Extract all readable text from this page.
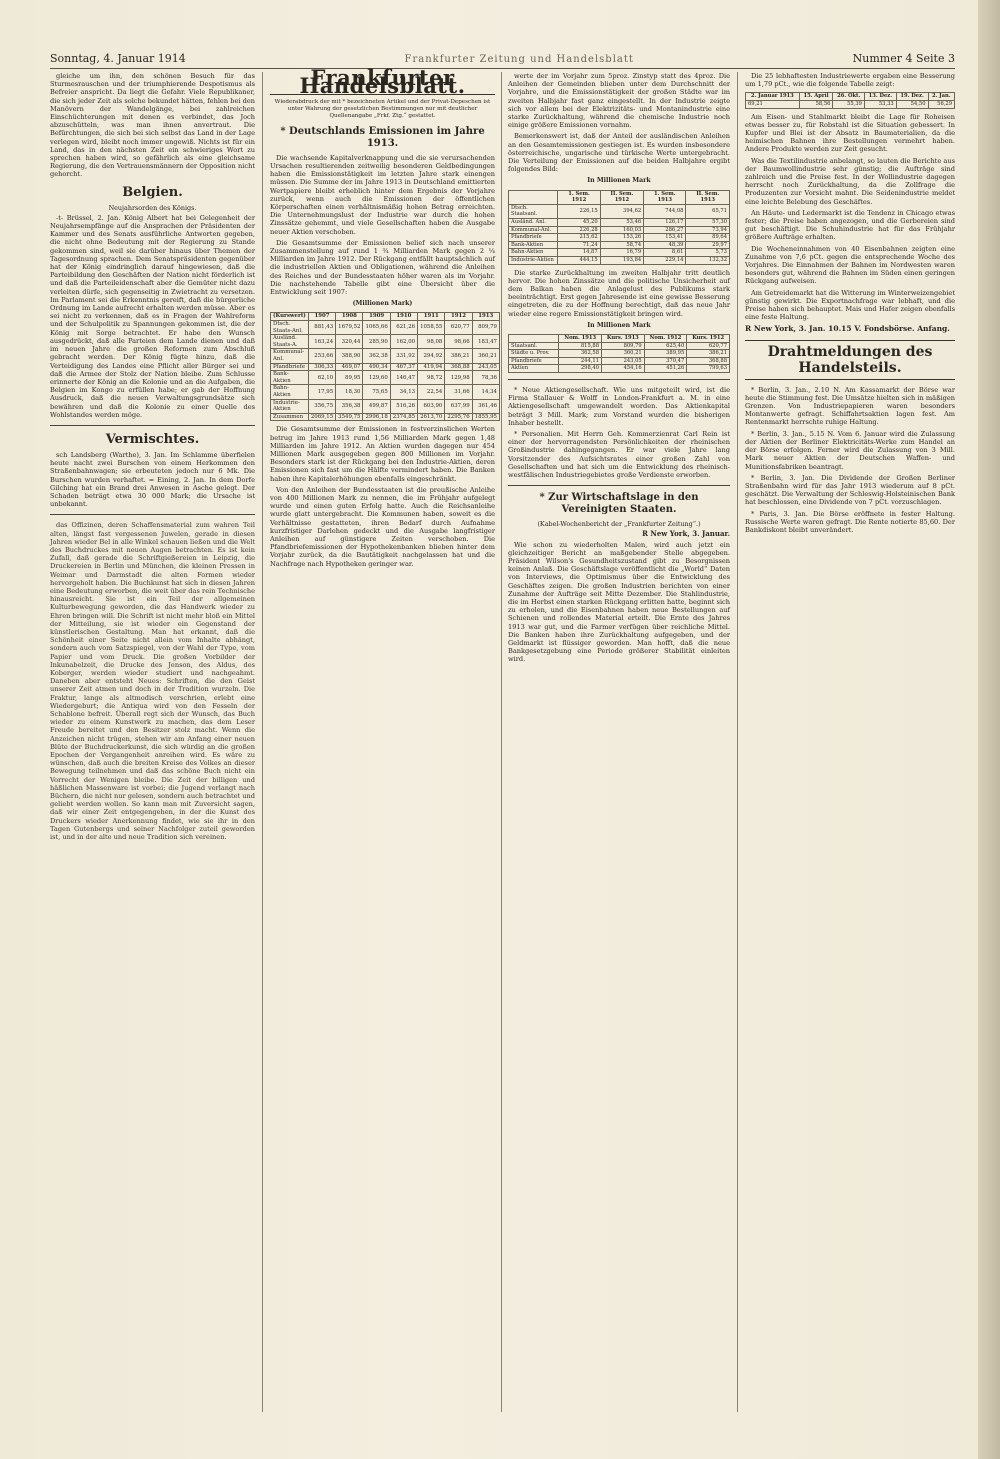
Sonntag, 4. Januar 1914	Frankfurter Zeitung und Handelsblatt	Nummer 4 Seite 3

gleiche um ihn, den schönen Besuch für das Sturmesrauschen und der triumphierende Despotismus als Befreier anspricht. Da liegt die Gefahr. Viele Republikaner, die sich jeder Zeit als solche bekundet hätten, fehlen bei den Manövern der Wandelgänge, bei zahlreichen Einschüchterungen mit denen es verbindet, das Joch abzuschütteln, was man ihnen anvertraut. Die Befürchtungen, die sich bei sich selbst das Land in der Lage verlegen wird, bleibt noch immer ungewiß. Nichts ist für ein Land, das in den nächsten Zeit ein schwieriges Wort zu sprechen haben wird, so gefährlich als eine gleichsame Regierung, die den Vertrauensmännern der Opposition nicht gehorcht.

Belgien.
Neujahrsorden des Königs.

-t- Brüssel, 2. Jan. König Albert hat bei Gelegenheit der Neujahrsempfänge auf die Ansprachen der Präsidenten der Kammer und des Senats ausführliche Antworten gegeben, die nicht ohne Bedeutung mit der Regierung zu Stande gekommen sind, weil sie darüber hinaus über Themen der Tagesordnung sprachen. Dem Senatspräsidenten gegenüber hat der König eindringlich darauf hingewiesen, daß die Parteibildung den Geschäften der Nation nicht förderlich ist und daß die Parteileidenschaft aber die Gemüter nicht dazu verleiten dürfe, sich gegenseitig in Zwietracht zu versetzen. Im Parlament sei die Erkenntnis gereift, daß die bürgerliche Ordnung im Lande aufrecht erhalten werden müsse. Aber es sei nicht zu verkennen, daß es in Fragen der Wahlreform und der Schulpolitik zu Spannungen gekommen ist, die der König mit Sorge betrachtet. Er habe den Wunsch ausgedrückt, daß alle Parteien dem Lande dienen und daß im neuen Jahre die großen Reformen zum Abschluß gebracht werden. Der König fügte hinzu, daß die Verteidigung des Landes eine Pflicht aller Bürger sei und daß die Armee der Stolz der Nation bleibe. Zum Schlusse erinnerte der König an die Kolonie und an die Aufgaben, die Belgien im Kongo zu erfüllen habe; er gab der Hoffnung Ausdruck, daß die neuen Verwaltungsgrundsätze sich bewähren und daß die Kolonie zu einer Quelle des Wohlstandes werden möge.

Vermischtes.

sch Landsberg (Warthe), 3. Jan. Im Schlamme überfielen heute nacht zwei Burschen von einem Herkommen den Straßenbahnwagen; sie erbeuteten jedoch nur 6 Mk. Die Burschen wurden verhaftet. = Eining, 2. Jan. In dem Dorfe Gilching hat ein Brand drei Anwesen in Asche gelegt. Der Schaden beträgt etwa 30 000 Mark; die Ursache ist unbekannt.

das Offizinen, deren Schaffensmaterial zum wahren Teil alten, längst fast vergessenen Juwelen, gerade in diesen Jahren wieder Bel in alle Winkel schauen ließen und die Welt des Buchdruckes mit neuen Augen betrachten. Es ist kein Zufall, daß gerade die Schriftgießereien in Leipzig, die Druckereien in Berlin und München, die kleinen Pressen in Weimar und Darmstadt die alten Formen wieder hervorgeholt haben. Die Buchkunst hat sich in diesen Jahren eine Bedeutung erworben, die weit über das rein Technische hinausreicht. Sie ist ein Teil der allgemeinen Kulturbewegung geworden, die das Handwerk wieder zu Ehren bringen will. Die Schrift ist nicht mehr bloß ein Mittel der Mitteilung, sie ist wieder ein Gegenstand der künstlerischen Gestaltung. Man hat erkannt, daß die Schönheit einer Seite nicht allein vom Inhalte abhängt, sondern auch vom Satzspiegel, von der Wahl der Type, vom Papier und vom Druck. Die großen Vorbilder der Inkunabelzeit, die Drucke des Jenson, des Aldus, des Koberger, werden wieder studiert und nachgeahmt. Daneben aber entsteht Neues: Schriften, die den Geist unserer Zeit atmen und doch in der Tradition wurzeln. Die Fraktur, lange als altmodisch verschrien, erlebt eine Wiedergeburt; die Antiqua wird von den Fesseln der Schablone befreit. Überall regt sich der Wunsch, das Buch wieder zu einem Kunstwerk zu machen, das dem Leser Freude bereitet und den Besitzer stolz macht. Wenn die Anzeichen nicht trügen, stehen wir am Anfang einer neuen Blüte der Buchdruckerkunst, die sich würdig an die großen Epochen der Vergangenheit anreihen wird. Es wäre zu wünschen, daß auch die breiten Kreise des Volkes an dieser Bewegung teilnehmen und daß das schöne Buch nicht ein Vorrecht der Wenigen bleibe. Die Zeit der billigen und häßlichen Massenware ist vorbei; die Jugend verlangt nach Büchern, die nicht nur gelesen, sondern auch betrachtet und geliebt werden wollen. So kann man mit Zuversicht sagen, daß wir einer Zeit entgegengehen, in der die Kunst des Druckers wieder Anerkennung findet, wie sie ihr in den Tagen Gutenbergs und seiner Nachfolger zuteil geworden ist, und in der alte und neue Tradition sich vereinen.

Frankfurter Handelsblatt.
Wiederabdruck der mit * bezeichneten Artikel und der Privat-Depeschen ist unter Wahrung der gesetzlichen Bestimmungen nur mit deutlicher Quellenangabe „Frkf. Ztg.“ gestattet.
* Deutschlands Emissionen im Jahre 1913.

Die wachsende Kapitalverknappung und die sie verursachenden Ursachen resultierenden zeitweilig besonderen Geldbedingungen haben die Emissionstätigkeit im letzten Jahre stark einengen müssen. Die Summe der im Jahre 1913 in Deutschland emittierten Wertpapiere bleibt erheblich hinter dem Ergebnis der Vorjahre zurück, wenn auch die Emissionen der öffentlichen Körperschaften einen verhältnismäßig hohen Betrag erreichten. Die Unternehmungslust der Industrie war durch die hohen Zinssätze gehemmt, und viele Gesellschaften haben die Ausgabe neuer Aktien verschoben.

Die Gesamtsumme der Emissionen belief sich nach unserer Zusammenstellung auf rund 1 ¾ Milliarden Mark gegen 2 ¼ Milliarden im Jahre 1912. Der Rückgang entfällt hauptsächlich auf die industriellen Aktien und Obligationen, während die Anleihen des Reiches und der Bundesstaaten höher waren als im Vorjahr. Die nachstehende Tabelle gibt eine Übersicht über die Entwicklung seit 1907:

(Millionen Mark)
(Kurswert)	1907	1908	1909	1910	1911	1912	1913
Dtsch. Staats-Anl.	881,43	1679,52	1065,66	621,26	1058,55	620,77	809,79
Ausländ. Staats-A.	163,24	320,44	285,90	162,00	98,08	98,66	183,47
Kommunal-Anl.	253,66	388,90	362,38	331,92	294,92	386,21	360,21
Pfandbriefe	306,33	469,07	490,34	467,37	419,94	368,88	243,05
Bank-Aktien	62,10	89,95	129,60	146,47	98,72	129,98	78,36
Bahn-Aktien	17,95	18,30	75,65	34,13	22,54	31,66	14,34
Industrie-Aktien	356,75	356,38	499,87	516,26	603,90	637,99	361,46
Zusammen	2069,15	3549,75	2996,18	2374,85	2613,70	2295,76	1855,95

Die Gesamtsumme der Emissionen in festverzinslichen Werten betrug im Jahre 1913 rund 1,56 Milliarden Mark gegen 1,48 Milliarden im Jahre 1912. An Aktien wurden dagegen nur 454 Millionen Mark ausgegeben gegen 800 Millionen im Vorjahr. Besonders stark ist der Rückgang bei den Industrie-Aktien, deren Emissionen sich fast um die Hälfte vermindert haben. Die Banken haben ihre Kapitalerhöhungen ebenfalls eingeschränkt.

Von den Anleihen der Bundesstaaten ist die preußische Anleihe von 400 Millionen Mark zu nennen, die im Frühjahr aufgelegt wurde und einen guten Erfolg hatte. Auch die Reichsanleihe wurde glatt untergebracht. Die Kommunen haben, soweit es die Verhältnisse gestatteten, ihren Bedarf durch Aufnahme kurzfristiger Darlehen gedeckt und die Ausgabe langfristiger Anleihen auf günstigere Zeiten verschoben. Die Pfandbriefemissionen der Hypothekenbanken blieben hinter dem Vorjahr zurück, da die Bautätigkeit nachgelassen hat und die Nachfrage nach Hypotheken geringer war.

werte der im Vorjahr zum 5proz. Zinstyp statt des 4proz. Die Anleihen der Gemeinden blieben unter dem Durchschnitt der Vorjahre, und die Emissionstätigkeit der großen Städte war im zweiten Halbjahr fast ganz eingestellt. In der Industrie zeigte sich vor allem bei der Elektrizitäts- und Montanindustrie eine starke Zurückhaltung, während die chemische Industrie noch einige größere Emissionen vornahm.

Bemerkenswert ist, daß der Anteil der ausländischen Anleihen an den Gesamtemissionen gestiegen ist. Es wurden insbesondere österreichische, ungarische und türkische Werte untergebracht. Die Verteilung der Emissionen auf die beiden Halbjahre ergibt folgendes Bild:

In Millionen Mark
	1. Sem. 1912	II. Sem. 1912	1. Sem. 1913	II. Sem. 1913
Dtsch. Staatsanl.	226,15	394,62	744,08	65,71
Ausländ. Anl.	45,20	53,46	126,17	57,30
Kommunal-Anl.	226,28	160,03	286,27	73,94
Pfandbriefe	215,62	153,26	153,41	89,64
Bank-Aktien	71,24	58,74	48,39	29,97
Bahn-Aktien	14,87	16,79	8,61	5,73
Industrie-Aktien	444,15	193,84	229,14	132,32

Die starke Zurückhaltung im zweiten Halbjahr tritt deutlich hervor. Die hohen Zinssätze und die politische Unsicherheit auf dem Balkan haben die Anlagelust des Publikums stark beeinträchtigt. Erst gegen Jahresende ist eine gewisse Besserung eingetreten, die zu der Hoffnung berechtigt, daß das neue Jahr wieder eine regere Emissionstätigkeit bringen wird.

In Millionen Mark
	Nom. 1913	Kurs. 1913	Nom. 1912	Kurs. 1912
Staatsanl.	815,88	809,79	625,40	620,77
Städte u. Prov.	362,58	360,21	389,95	386,21
Pfandbriefe	244,11	243,05	370,47	368,88
Aktien	298,40	454,16	451,26	799,63

* Neue Aktiengesellschaft. Wie uns mitgeteilt wird, ist die Firma Stallauer & Wolff in London-Frankfurt a. M. in eine Aktiengesellschaft umgewandelt worden. Das Aktienkapital beträgt 3 Mill. Mark; zum Vorstand wurden die bisherigen Inhaber bestellt.

* Personalien. Mit Herrn Geh. Kommerzienrat Carl Rein ist einer der hervorragendsten Persönlichkeiten der rheinischen Großindustrie dahingegangen. Er war viele Jahre lang Vorsitzender des Aufsichtsrates einer großen Zahl von Gesellschaften und hat sich um die Entwicklung des rheinisch-westfälischen Industriegebietes große Verdienste erworben.

* Zur Wirtschaftslage in den Vereinigten Staaten.
(Kabel-Wochenbericht der „Frankfurter Zeitung“.)
R New York, 3. Januar.

Wie schon zu wiederholten Malen, wird auch jetzt ein gleichzeitiger Bericht an maßgebender Stelle abgegeben. Präsident Wilson's Gesundheitszustand gibt zu Besorgnissen keinen Anlaß. Die Geschäftslage veröffentlicht die „World“ Daten von Interviews, die Optimismus über die Entwicklung des Geschäftes zeigen. Die großen Industrien berichten von einer Zunahme der Aufträge seit Mitte Dezember. Die Stahlindustrie, die im Herbst einen starken Rückgang erlitten hatte, beginnt sich zu erholen, und die Eisenbahnen haben neue Bestellungen auf Schienen und rollendes Material erteilt. Die Ernte des Jahres 1913 war gut, und die Farmer verfügen über reichliche Mittel. Die Banken haben ihre Zurückhaltung aufgegeben, und der Geldmarkt ist flüssiger geworden. Man hofft, daß die neue Bankgesetzgebung eine Periode größerer Stabilität einleiten wird.

Die 25 lebhaftesten Industriewerte ergaben eine Besserung um 1,79 pCt., wie die folgende Tabelle zeigt:

2. Januar 1913	15. April	26. Okt.	13. Dez.	19. Dez.	2. Jan.
69,21	58,56	55,39	53,33	54,50	56,29

Am Eisen- und Stahlmarkt bleibt die Lage für Roheisen etwas besser zu, für Robstahl ist die Situation gebessert. In Kupfer und Blei ist der Absatz in Baumaterialien, da die heimischen Bahnen ihre Bestellungen vermehrt haben. Andere Produkte werden zur Zeit gesucht.

Was die Textilindustrie anbelangt, so lauten die Berichte aus der Baumwollindustrie sehr günstig; die Aufträge sind zahlreich und die Preise fest. In der Wollindustrie dagegen herrscht noch Zurückhaltung, da die Zollfrage die Produzenten zur Vorsicht mahnt. Die Seidenindustrie meldet eine leichte Belebung des Geschäftes.

An Häute- und Ledermarkt ist die Tendenz in Chicago etwas fester; die Preise haben angezogen, und die Gerbereien sind gut beschäftigt. Die Schuhindustrie hat für das Frühjahr größere Aufträge erhalten.

Die Wocheneinnahmen von 40 Eisenbahnen zeigten eine Zunahme von 7,6 pCt. gegen die entsprechende Woche des Vorjahres. Die Einnahmen der Bahnen im Nordwesten waren besonders gut, während die Bahnen im Süden einen geringen Rückgang aufweisen.

Am Getreidemarkt hat die Witterung im Winterweizengebiet günstig gewirkt. Die Exportnachfrage war lebhaft, und die Preise haben sich behauptet. Mais und Hafer zeigen ebenfalls eine feste Haltung.

R New York, 3. Jan. 10.15 V. Fondsbörse. Anfang.
Drahtmeldungen des Handelsteils.

* Berlin, 3. Jan., 2.10 N. Am Kassamarkt der Börse war heute die Stimmung fest. Die Umsätze hielten sich in mäßigen Grenzen. Von Industriepapieren waren besonders Montanwerte gefragt. Schiffahrtsaktien lagen fest. Am Rentenmarkt herrschte ruhige Haltung.

* Berlin, 3. Jan., 5.15 N. Vom 6. Januar wird die Zulassung der Aktien der Berliner Elektricitäts-Werke zum Handel an der Börse erfolgen. Ferner wird die Zulassung von 3 Mill. Mark neuer Aktien der Deutschen Waffen- und Munitionsfabriken beantragt.

* Berlin, 3. Jan. Die Dividende der Großen Berliner Straßenbahn wird für das Jahr 1913 wiederum auf 8 pCt. geschätzt. Die Verwaltung der Schleswig-Holsteinischen Bank hat beschlossen, eine Dividende von 7 pCt. vorzuschlagen.

* Paris, 3. Jan. Die Börse eröffnete in fester Haltung. Russische Werte waren gefragt. Die Rente notierte 85,60. Der Bankdiskont bleibt unverändert.
